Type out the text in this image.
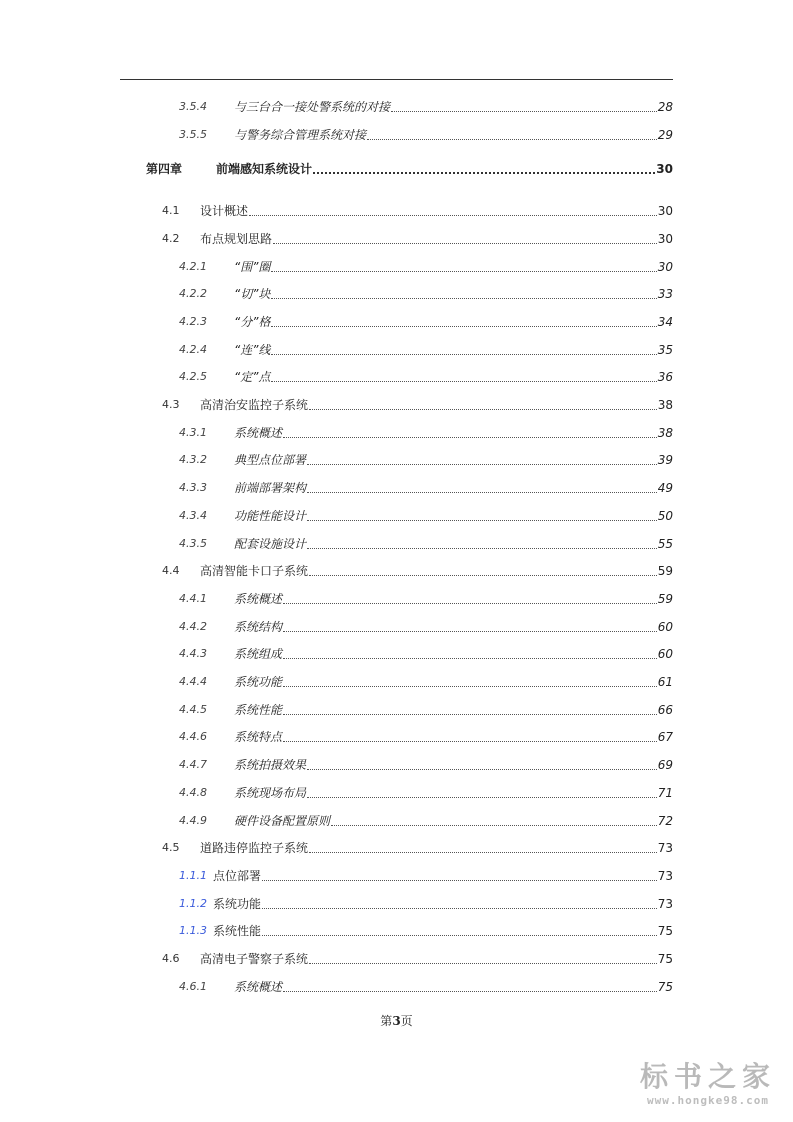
3.5.4 与三台合一接处警系统的对接	28
3.5.5 与警务综合管理系统对接	29
第四章	前端感知系统设计	30
4.1 设计概述	30
4.2 布点规划思路	30
4.2.1 “围”圈	30
4.2.2 “切”块	33
4.2.3 “分”格	34
4.2.4 “连”线	35
4.2.5 “定”点	36
4.3 高清治安监控子系统	38
4.3.1 系统概述	38
4.3.2 典型点位部署	39
4.3.3 前端部署架构	49
4.3.4 功能性能设计	50
4.3.5 配套设施设计	55
4.4 高清智能卡口子系统	59
4.4.1 系统概述	59
4.4.2 系统结构	60
4.4.3 系统组成	60
4.4.4 系统功能	61
4.4.5 系统性能	66
4.4.6 系统特点	67
4.4.7 系统拍摄效果	69
4.4.8 系统现场布局	71
4.4.9 硬件设备配置原则	72
4.5 道路违停监控子系统	73
1.1.1 点位部署	73
1.1.2 系统功能	73
1.1.3 系统性能	75
4.6 高清电子警察子系统	75
4.6.1 系统概述	75
第3页
标书之家
www.hongke98.com
